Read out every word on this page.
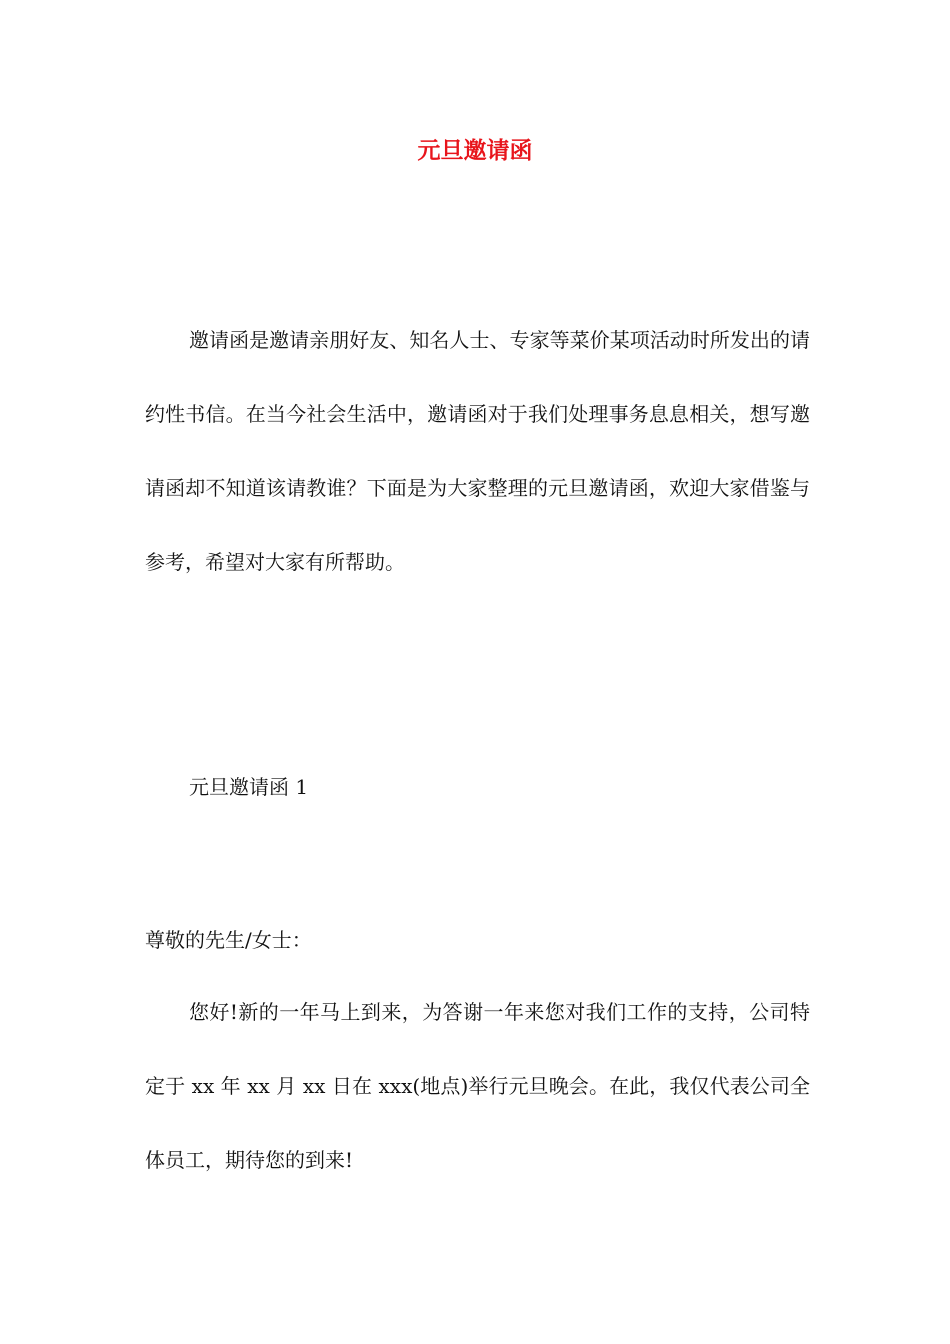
元旦邀请函

邀请函是邀请亲朋好友、知名人士、专家等菜价某项活动时所发出的请约性书信。在当今社会生活中，邀请函对于我们处理事务息息相关，想写邀请函却不知道该请教谁？下面是为大家整理的元旦邀请函，欢迎大家借鉴与参考，希望对大家有所帮助。

元旦邀请函 1

尊敬的先生/女士：

您好!新的一年马上到来，为答谢一年来您对我们工作的支持，公司特定于 xx 年 xx 月 xx 日在 xxx(地点)举行元旦晚会。在此，我仅代表公司全体员工，期待您的到来!
